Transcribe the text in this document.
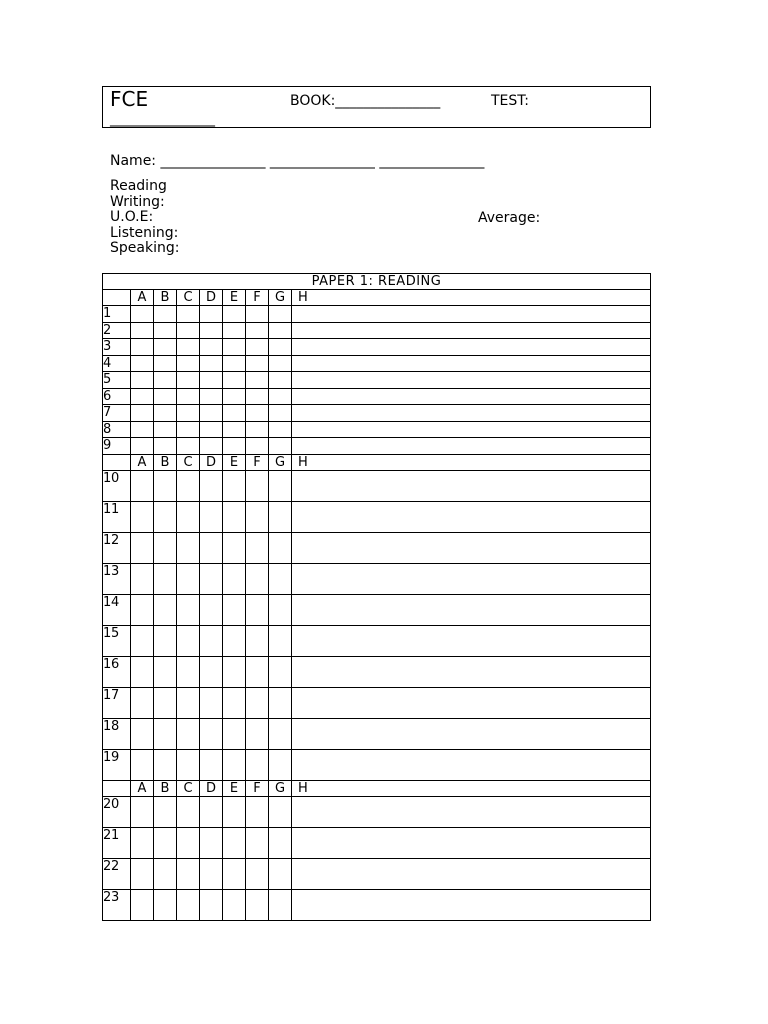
FCE	BOOK:_______________	TEST:
_______________
Name: _______________ _______________ _______________
Reading
Writing:
U.O.E:
Listening:
Speaking:
Average:
PAPER 1: READING								
	A	B	C	D	E	F	G	H
1								
2								
3								
4								
5								
6								
7								
8								
9								
	A	B	C	D	E	F	G	H
10								
11								
12								
13								
14								
15								
16								
17								
18								
19								
	A	B	C	D	E	F	G	H
20								
21								
22								
23								
